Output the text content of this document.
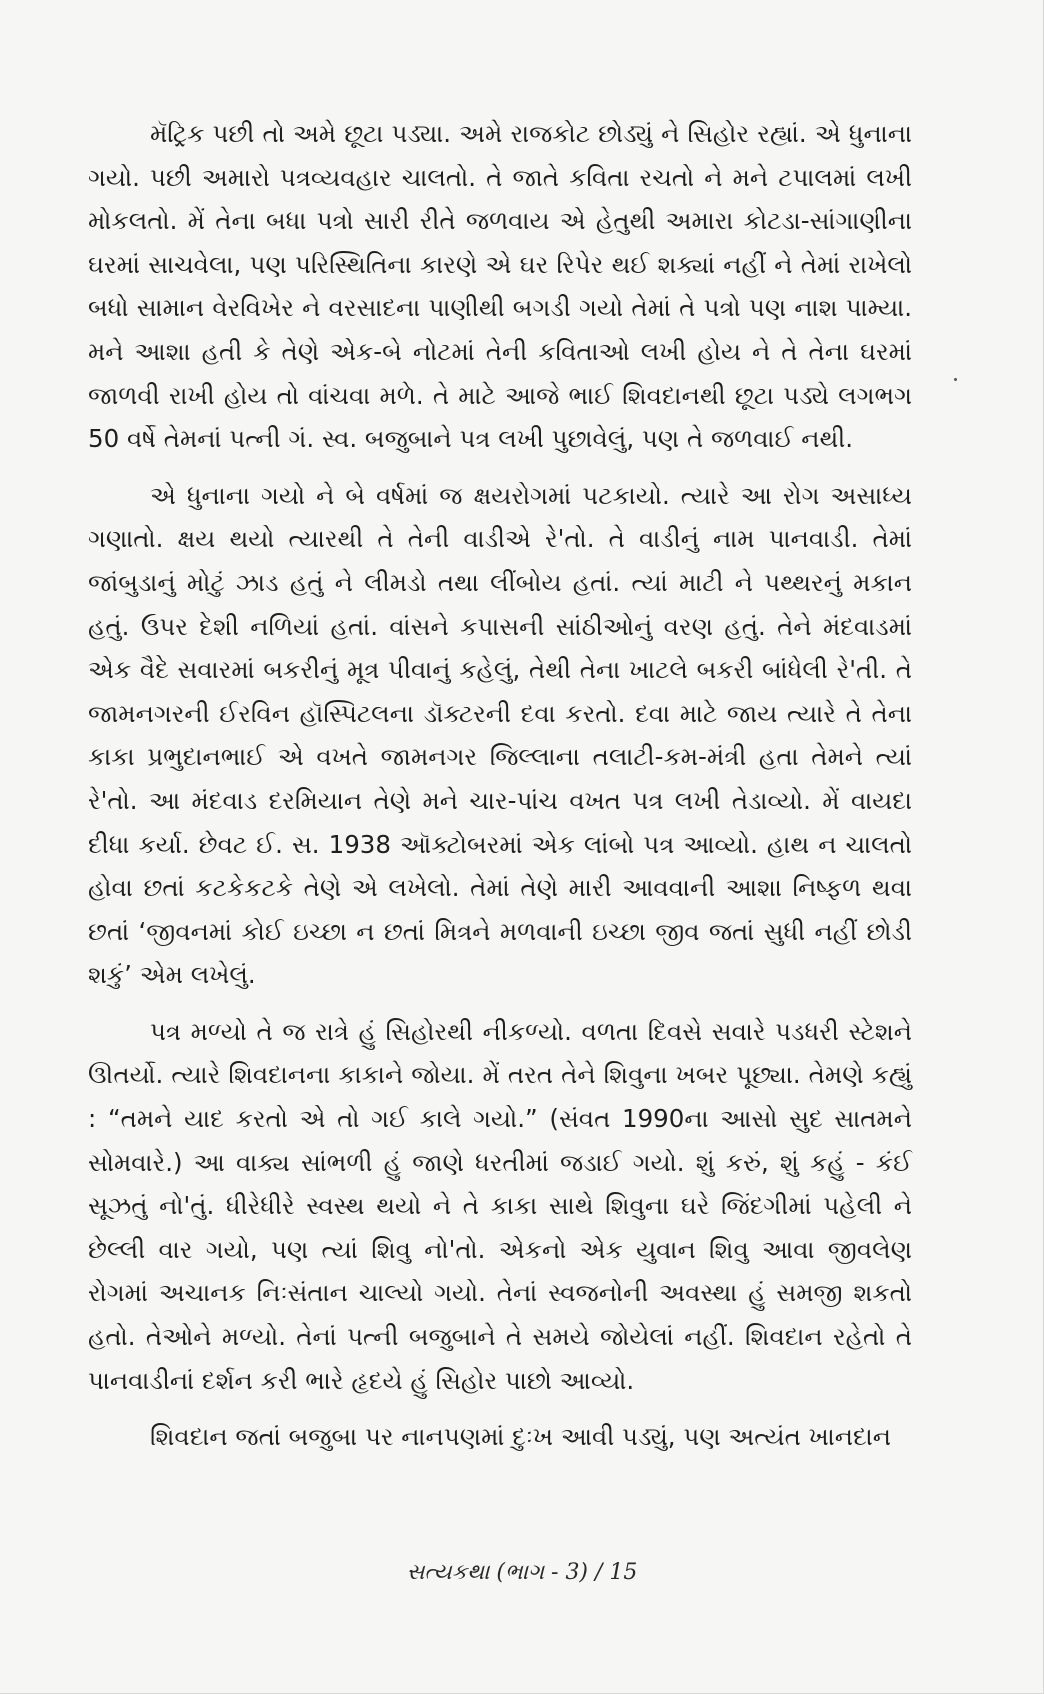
મૅટ્રિક પછી તો અમે છૂટા પડ્યા. અમે રાજકોટ છોડ્યું ને સિહોર રહ્યાં. એ ધુનાના ગયો. પછી અમારો પત્રવ્યવહાર ચાલતો. તે જાતે કવિતા રચતો ને મને ટપાલમાં લખી મોકલતો. મેં તેના બધા પત્રો સારી રીતે જળવાય એ હેતુથી અમારા કોટડા-સાંગાણીના ઘરમાં સાચવેલા, પણ પરિસ્થિતિના કારણે એ ઘર રિપેર થઈ શક્યાં નહીં ને તેમાં રાખેલો બધો સામાન વેરવિખેર ને વરસાદના પાણીથી બગડી ગયો તેમાં તે પત્રો પણ નાશ પામ્યા. મને આશા હતી કે તેણે એક-બે નોટમાં તેની કવિતાઓ લખી હોય ને તે તેના ઘરમાં જાળવી રાખી હોય તો વાંચવા મળે. તે માટે આજે ભાઈ શિવદાનથી છૂટા પડ્યે લગભગ 50 વર્ષે તેમનાં પત્ની ગં. સ્વ. બજુબાને પત્ર લખી પુછાવેલું, પણ તે જળવાઈ નથી.

એ ધુનાના ગયો ને બે વર્ષમાં જ ક્ષયરોગમાં પટકાયો. ત્યારે આ રોગ અસાધ્ય ગણાતો. ક્ષય થયો ત્યારથી તે તેની વાડીએ રે'તો. તે વાડીનું નામ પાનવાડી. તેમાં જાંબુડાનું મોટું ઝાડ હતું ને લીમડો તથા લીંબોય હતાં. ત્યાં માટી ને પથ્થરનું મકાન હતું. ઉપર દેશી નળિયાં હતાં. વાંસને કપાસની સાંઠીઓનું વરણ હતું. તેને મંદવાડમાં એક વૈદે સવારમાં બકરીનું મૂત્ર પીવાનું કહેલું, તેથી તેના ખાટલે બકરી બાંધેલી રે'તી. તે જામનગરની ઈરવિન હૉસ્પિટલના ડૉક્ટરની દવા કરતો. દવા માટે જાય ત્યારે તે તેના કાકા પ્રભુદાનભાઈ એ વખતે જામનગર જિલ્લાના તલાટી-કમ-મંત્રી હતા તેમને ત્યાં રે'તો. આ મંદવાડ દરમિયાન તેણે મને ચાર-પાંચ વખત પત્ર લખી તેડાવ્યો. મેં વાયદા દીધા કર્યા. છેવટ ઈ. સ. 1938 ઑક્ટોબરમાં એક લાંબો પત્ર આવ્યો. હાથ ન ચાલતો હોવા છતાં કટકેકટકે તેણે એ લખેલો. તેમાં તેણે મારી આવવાની આશા નિષ્ફળ થવા છતાં ‘જીવનમાં કોઈ ઇચ્છા ન છતાં મિત્રને મળવાની ઇચ્છા જીવ જતાં સુધી નહીં છોડી શકું’ એમ લખેલું.

પત્ર મળ્યો તે જ રાત્રે હું સિહોરથી નીકળ્યો. વળતા દિવસે સવારે પડધરી સ્ટેશને ઊતર્યો. ત્યારે શિવદાનના કાકાને જોયા. મેં તરત તેને શિવુના ખબર પૂછ્યા. તેમણે કહ્યું : “તમને યાદ કરતો એ તો ગઈ કાલે ગયો.” (સંવત 1990ના આસો સુદ સાતમને સોમવારે.) આ વાક્ય સાંભળી હું જાણે ધરતીમાં જડાઈ ગયો. શું કરું, શું કહું - કંઈ સૂઝતું નો'તું. ધીરેધીરે સ્વસ્થ થયો ને તે કાકા સાથે શિવુના ઘરે જિંદગીમાં પહેલી ને છેલ્લી વાર ગયો, પણ ત્યાં શિવુ નો'તો. એકનો એક યુવાન શિવુ આવા જીવલેણ રોગમાં અચાનક નિઃસંતાન ચાલ્યો ગયો. તેનાં સ્વજનોની અવસ્થા હું સમજી શકતો હતો. તેઓને મળ્યો. તેનાં પત્ની બજુબાને તે સમયે જોયેલાં નહીં. શિવદાન રહેતો તે પાનવાડીનાં દર્શન કરી ભારે હૃદયે હું સિહોર પાછો આવ્યો.

શિવદાન જતાં બજુબા પર નાનપણમાં દુઃખ આવી પડ્યું, પણ અત્યંત ખાનદાન

સત્યકથા (ભાગ - 3) / 15
